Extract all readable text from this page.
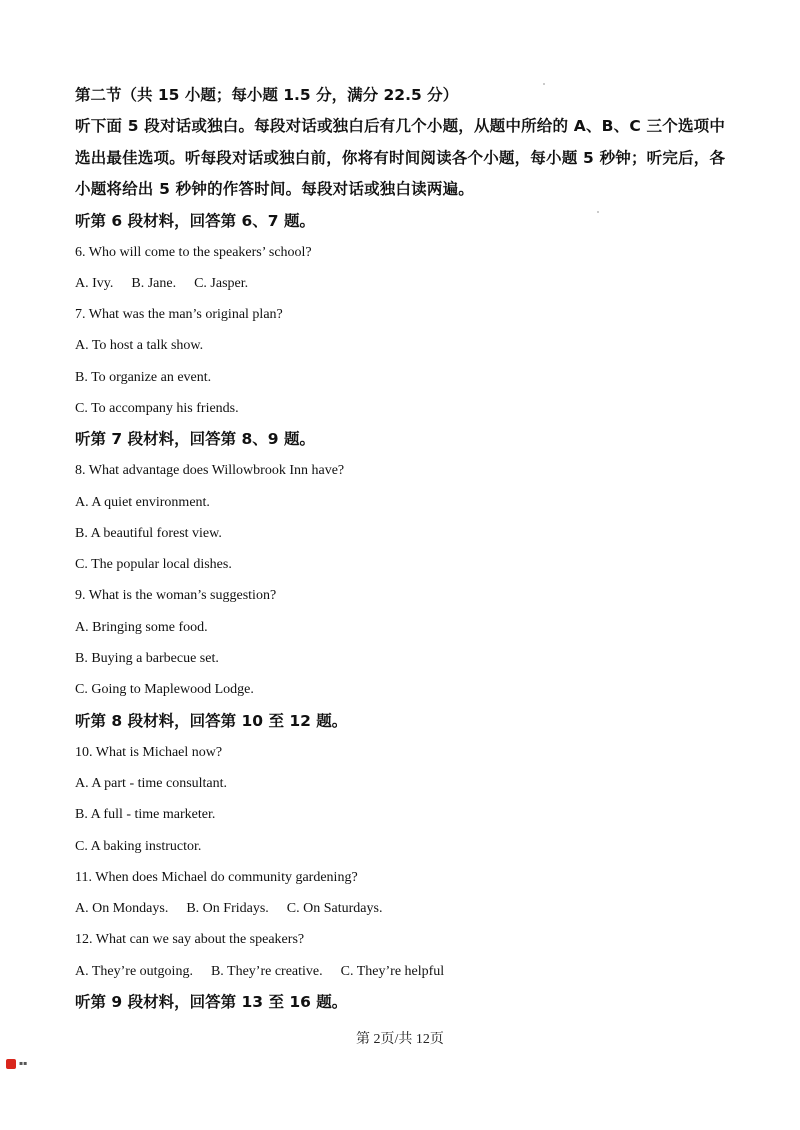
第二节（共 15 小题；每小题 1.5 分，满分 22.5 分）

听下面 5 段对话或独白。每段对话或独白后有几个小题，从题中所给的 A、B、C 三个选项中

选出最佳选项。听每段对话或独白前，你将有时间阅读各个小题，每小题 5 秒钟；听完后，各

小题将给出 5 秒钟的作答时间。每段对话或独白读两遍。

听第 6 段材料，回答第 6、7 题。

6. Who will come to the speakers’ school?

A. Ivy. B. Jane. C. Jasper.

7. What was the man’s original plan?

A. To host a talk show.

B. To organize an event.

C. To accompany his friends.

听第 7 段材料，回答第 8、9 题。

8. What advantage does Willowbrook Inn have?

A. A quiet environment.

B. A beautiful forest view.

C. The popular local dishes.

9. What is the woman’s suggestion?

A. Bringing some food.

B. Buying a barbecue set.

C. Going to Maplewood Lodge.

听第 8 段材料，回答第 10 至 12 题。

10. What is Michael now?

A. A part - time consultant.

B. A full - time marketer.

C. A baking instructor.

11. When does Michael do community gardening?

A. On Mondays. B. On Fridays. C. On Saturdays.

12. What can we say about the speakers?

A. They’re outgoing. B. They’re creative. C. They’re helpful

听第 9 段材料，回答第 13 至 16 题。

第 2页/共 12页
▪▪
